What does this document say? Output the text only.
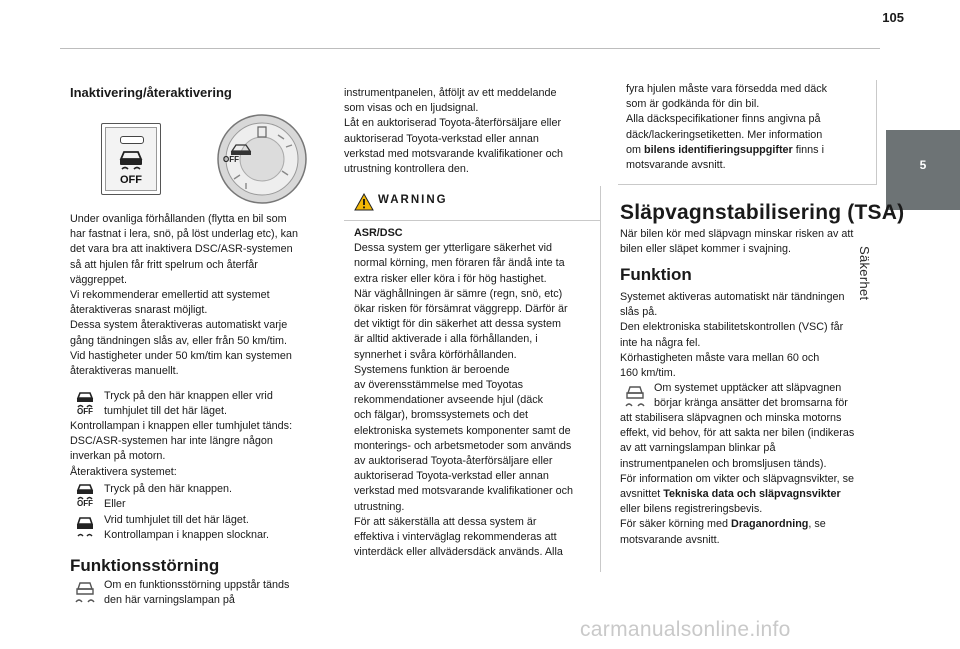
105
5
Säkerhet
Inaktivering/återaktivering
OFF
OFF
Under ovanliga förhållanden (flytta en bil som
har fastnat i lera, snö, på löst underlag etc), kan
det vara bra att inaktivera DSC/ASR-systemen
så att hjulen får fritt spelrum och återfår
väggreppet.
Vi rekommenderar emellertid att systemet
återaktiveras snarast möjligt.
Dessa system återaktiveras automatiskt varje
gång tändningen slås av, eller från 50 km/tim.
Vid hastigheter under 50 km/tim kan systemen
återaktiveras manuellt.
OFF
Tryck på den här knappen eller vrid
tumhjulet till det här läget.
Kontrollampan i knappen eller tumhjulet tänds:
DSC/ASR-systemen har inte längre någon
inverkan på motorn.
Återaktivera systemet:
OFF
Tryck på den här knappen.
Eller
Vrid tumhjulet till det här läget.
Kontrollampan i knappen slocknar.
Funktionsstörning
Om en funktionsstörning uppstår tänds
den här varningslampan på
instrumentpanelen, åtföljt av ett meddelande
som visas och en ljudsignal.
Låt en auktoriserad Toyota-återförsäljare eller
auktoriserad Toyota-verkstad eller annan
verkstad med motsvarande kvalifikationer och
utrustning kontrollera den.
WARNING
ASR/DSC
Dessa system ger ytterligare säkerhet vid
normal körning, men föraren får ändå inte ta
extra risker eller köra i för hög hastighet.
När väghållningen är sämre (regn, snö, etc)
ökar risken för försämrat väggrepp. Därför är
det viktigt för din säkerhet att dessa system
är alltid aktiverade i alla förhållanden, i
synnerhet i svåra körförhållanden.
Systemens funktion är beroende
av överensstämmelse med Toyotas
rekommendationer avseende hjul (däck
och fälgar), bromssystemets och det
elektroniska systemets komponenter samt de
monterings- och arbetsmetoder som används
av auktoriserad Toyota-återförsäljare eller
auktoriserad Toyota-verkstad eller annan
verkstad med motsvarande kvalifikationer och
utrustning.
För att säkerställa att dessa system är
effektiva i vinterväglag rekommenderas att
vinterdäck eller allvädersdäck används. Alla
fyra hjulen måste vara försedda med däck
som är godkända för din bil.
Alla däckspecifikationer finns angivna på
däck/lackeringsetiketten. Mer information
om bilens identifieringsuppgifter finns i
motsvarande avsnitt.
Släpvagnstabilisering (TSA)
När bilen kör med släpvagn minskar risken av att
bilen eller släpet kommer i svajning.
Funktion
Systemet aktiveras automatiskt när tändningen
slås på.
Den elektroniska stabilitetskontrollen (VSC) får
inte ha några fel.
Körhastigheten måste vara mellan 60 och
160 km/tim.
Om systemet upptäcker att släpvagnen
börjar kränga ansätter det bromsarna för
att stabilisera släpvagnen och minska motorns
effekt, vid behov, för att sakta ner bilen (indikeras
av att varningslampan blinkar på
instrumentpanelen och bromsljusen tänds).
För information om vikter och släpvagnsvikter, se
avsnittet Tekniska data och släpvagnsvikter
eller bilens registreringsbevis.
För säker körning med Draganordning, se
motsvarande avsnitt.
carmanualsonline.info
